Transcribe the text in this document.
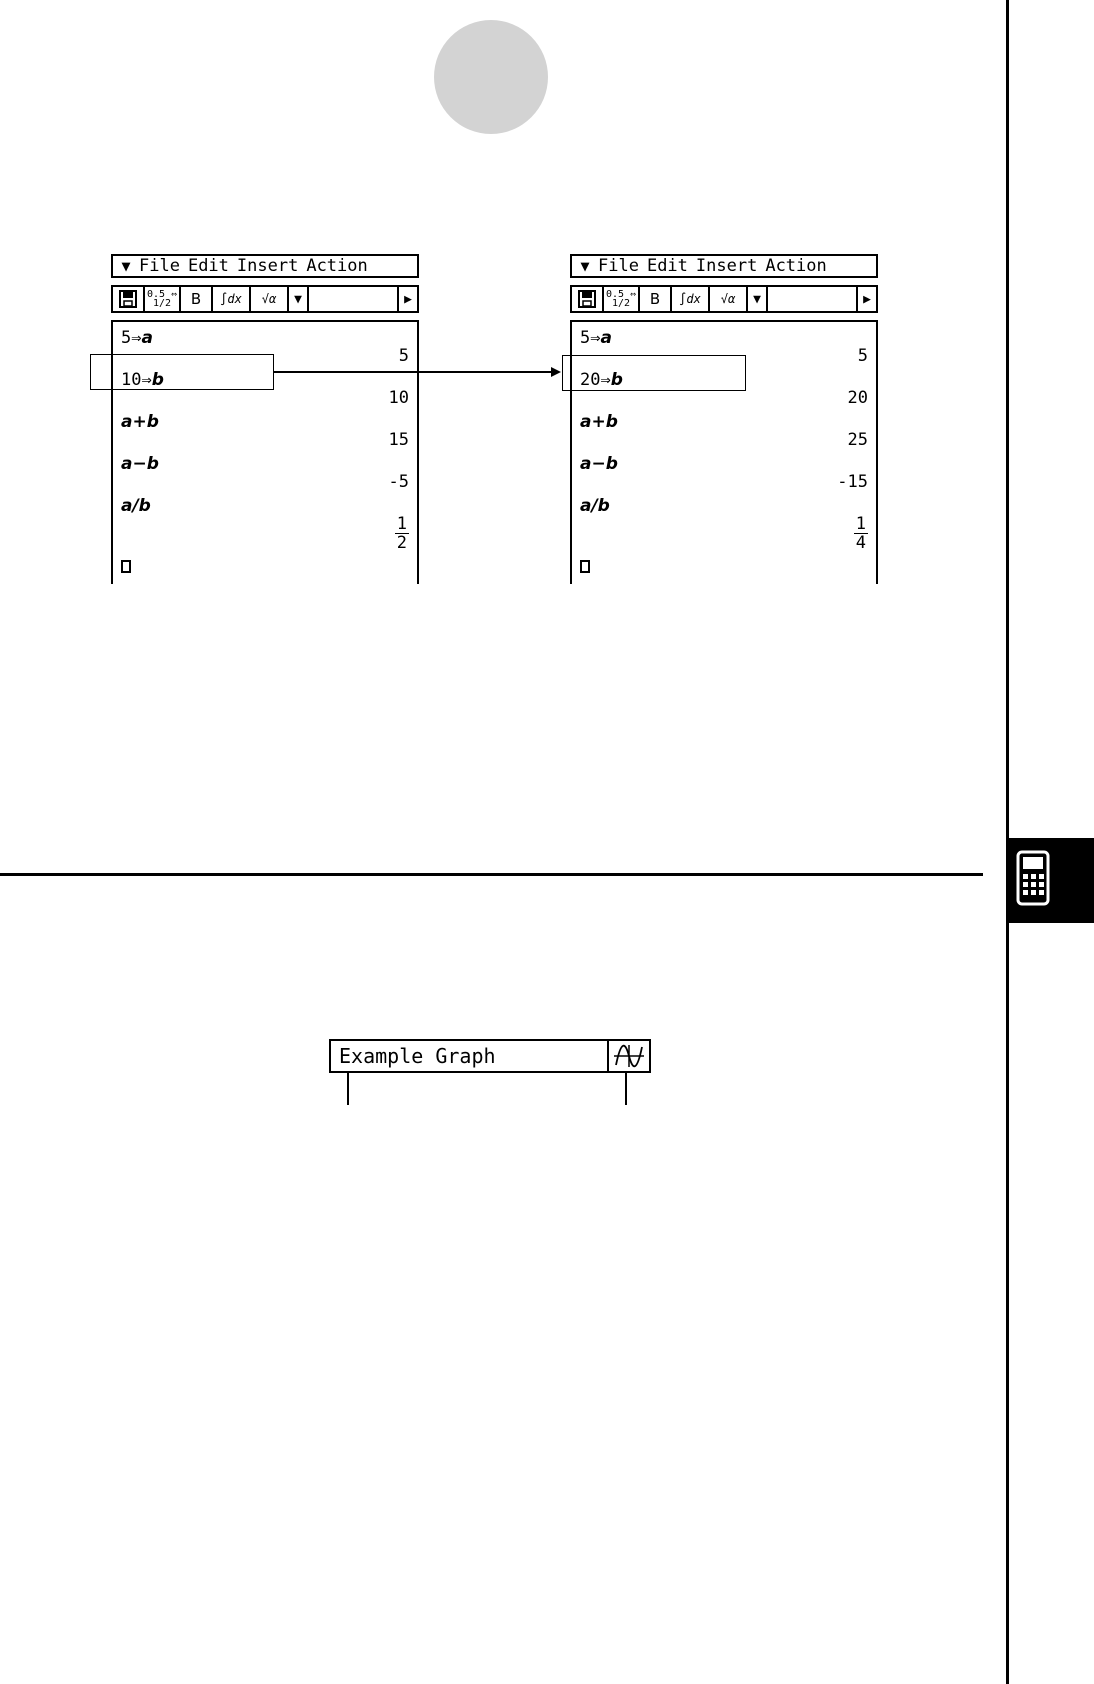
▼ File Edit Insert Action
0.5 ⇔ 1/2	B	∫dx	√α	▼	▶
5⇒a
5
10⇒b
10
a+b
15
a−b
-5
a/b
$\frac{1}{2}$
▼ File Edit Insert Action
0.5 ⇔ 1/2	B	∫dx	√α	▼	▶
5⇒a
5
20⇒b
20
a+b
25
a−b
-15
a/b
$\frac{1}{4}$
Example Graph
